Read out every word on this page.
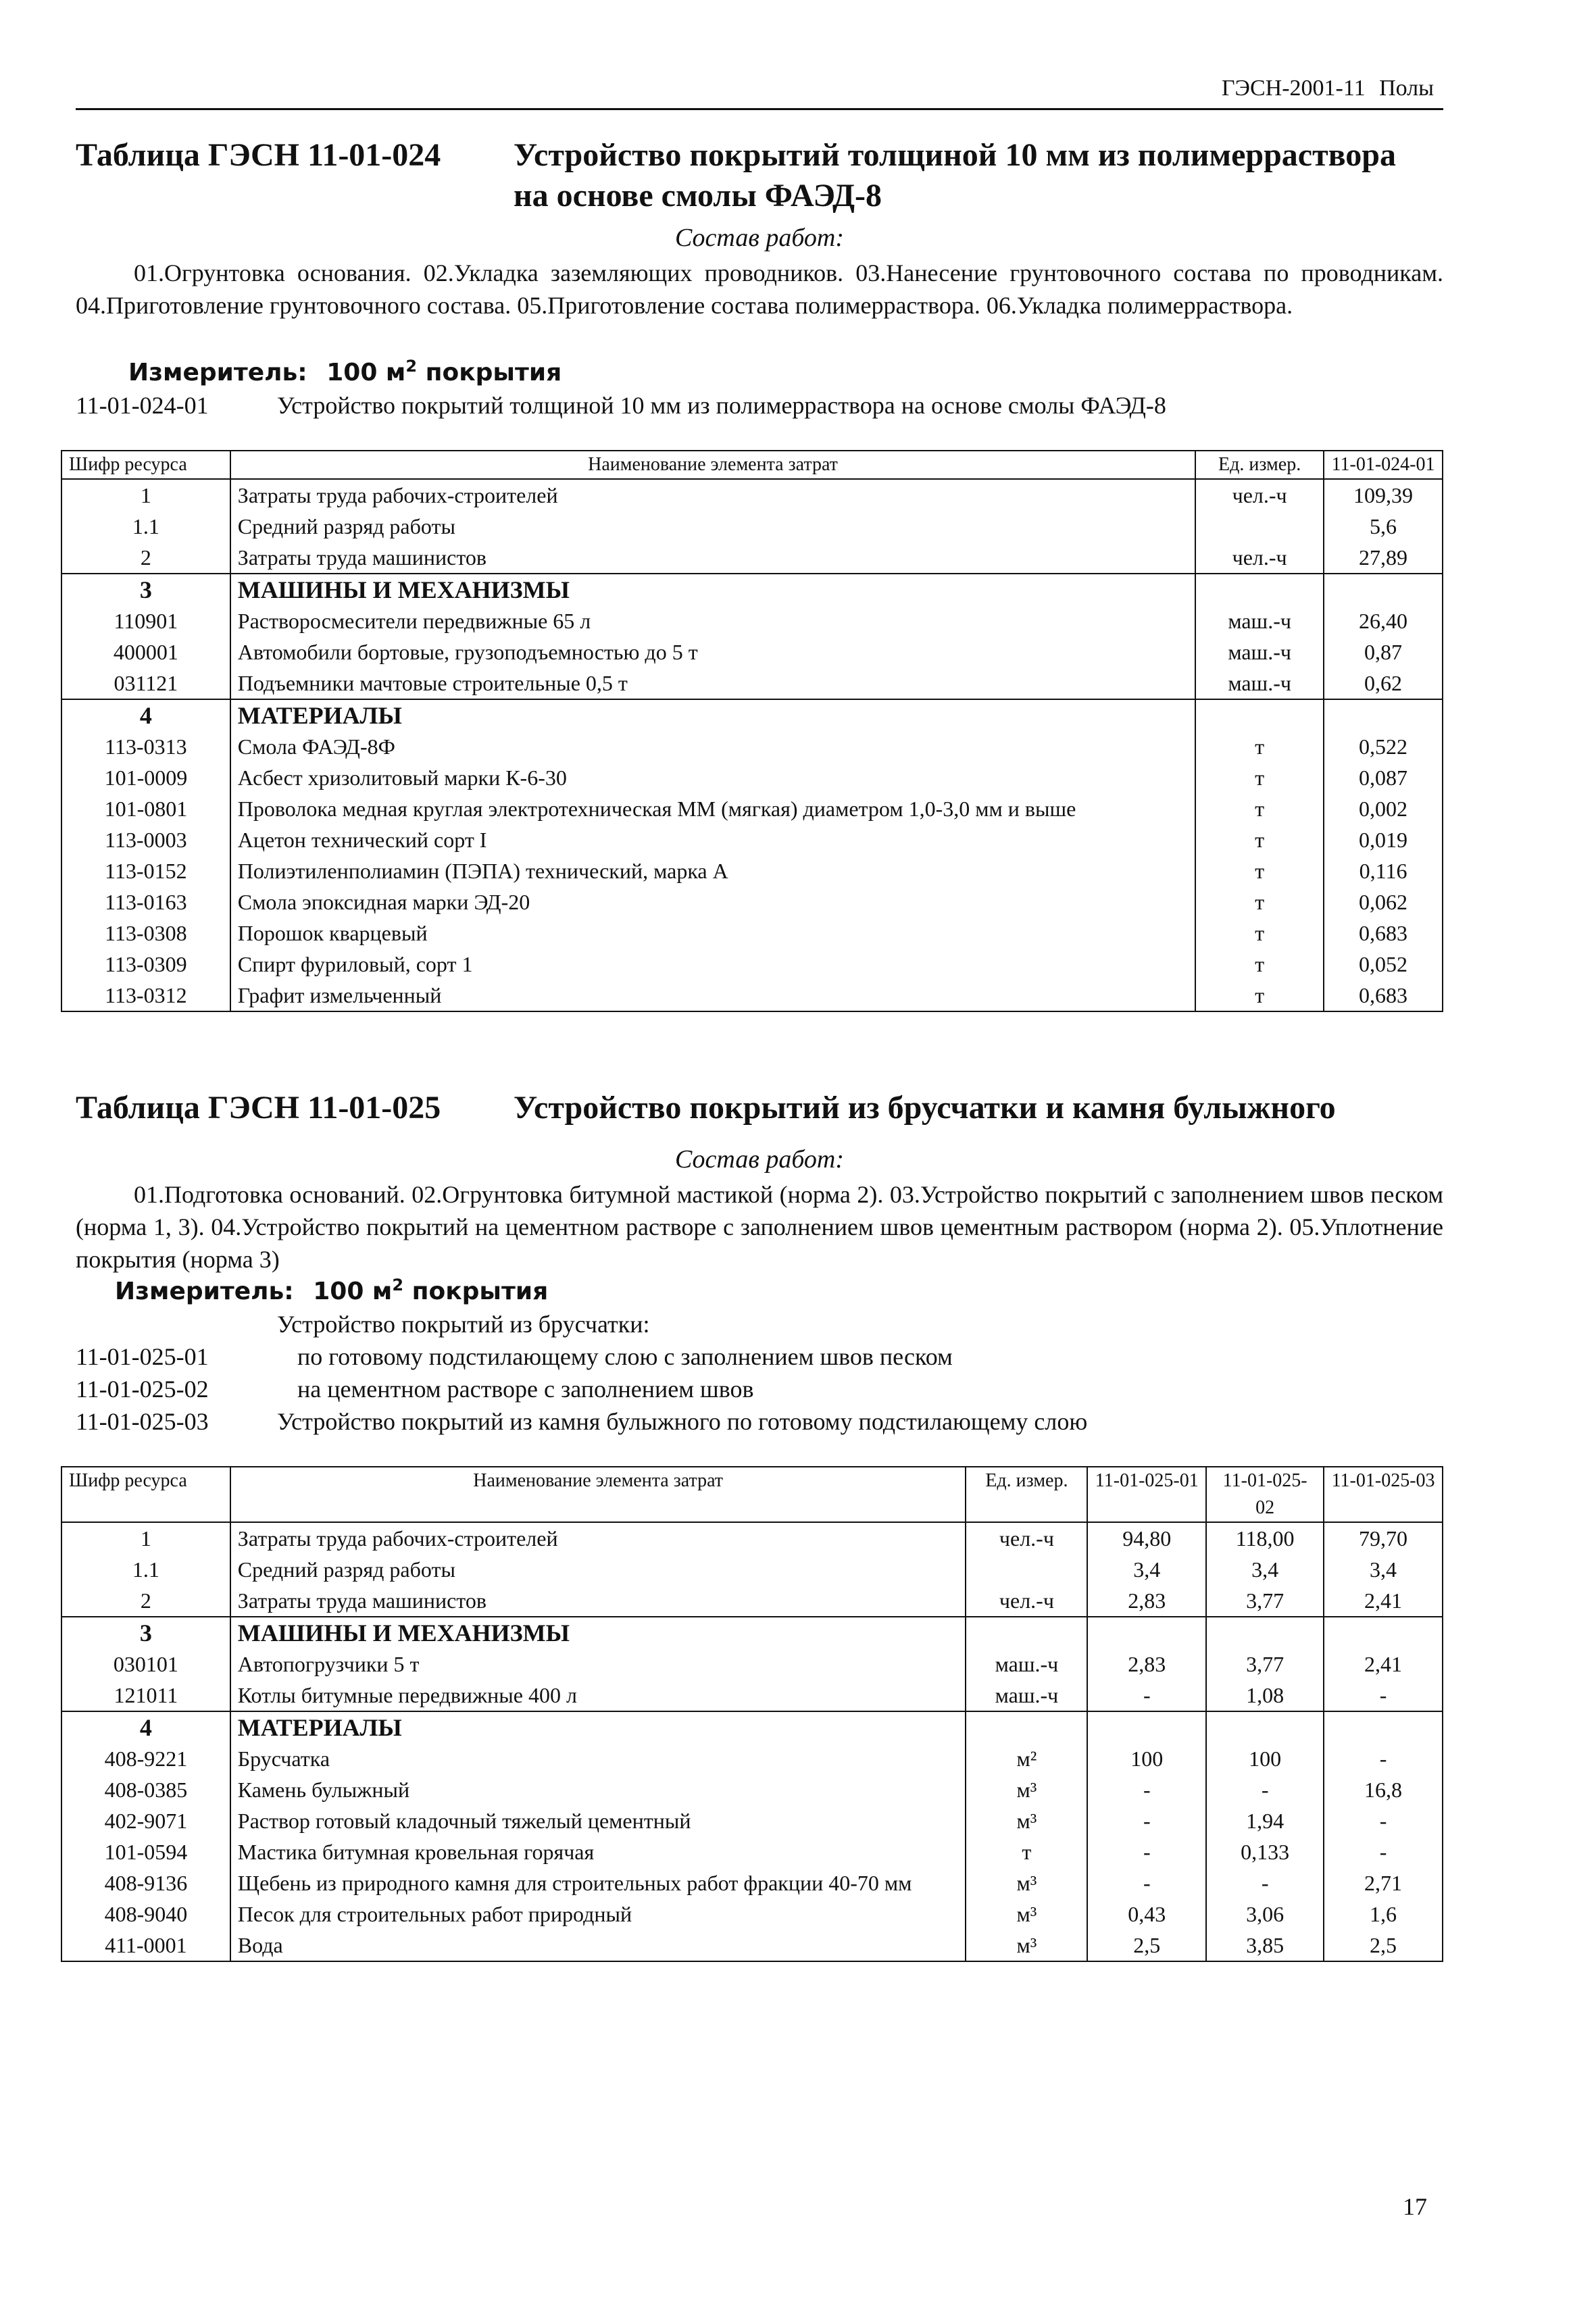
ГЭСН-2001-11 Полы
Таблица ГЭСН 11-01-024 Устройство покрытий толщиной 10 мм из полимерраствора
на основе смолы ФАЭД-8
Состав работ:
01.Огрунтовка основания. 02.Укладка заземляющих проводников. 03.Нанесение грунтовочного состава по проводникам. 04.Приготовление грунтовочного состава. 05.Приготовление состава полимерраствора. 06.Укладка полимерраствора.
Измеритель: 100 $м^2$ покрытия
11-01-024-01	Устройство покрытий толщиной 10 мм из полимерраствора на основе смолы ФАЭД-8
Шифр ресурса	Наименование элемента затрат	Ед. измер.	11-01-024-01
1	Затраты труда рабочих-строителей	чел.-ч	109,39
1.1	Средний разряд работы		5,6
2	Затраты труда машинистов	чел.-ч	27,89
3	МАШИНЫ И МЕХАНИЗМЫ		
110901	Растворосмесители передвижные 65 л	маш.-ч	26,40
400001	Автомобили бортовые, грузоподъемностью до 5 т	маш.-ч	0,87
031121	Подъемники мачтовые строительные 0,5 т	маш.-ч	0,62
4	МАТЕРИАЛЫ		
113-0313	Смола ФАЭД-8Ф	т	0,522
101-0009	Асбест хризолитовый марки К-6-30	т	0,087
101-0801	Проволока медная круглая электротехническая ММ (мягкая) диаметром 1,0-3,0 мм и выше	т	0,002
113-0003	Ацетон технический сорт I	т	0,019
113-0152	Полиэтиленполиамин (ПЭПА) технический, марка А	т	0,116
113-0163	Смола эпоксидная марки ЭД-20	т	0,062
113-0308	Порошок кварцевый	т	0,683
113-0309	Спирт фуриловый, сорт 1	т	0,052
113-0312	Графит измельченный	т	0,683
Таблица ГЭСН 11-01-025 Устройство покрытий из брусчатки и камня булыжного
Состав работ:
01.Подготовка оснований. 02.Огрунтовка битумной мастикой (норма 2). 03.Устройство покрытий с заполнением швов песком (норма 1, 3). 04.Устройство покрытий на цементном растворе с заполнением швов цементным раствором (норма 2). 05.Уплотнение покрытия (норма 3)
Измеритель: 100 $м^2$ покрытия
Устройство покрытий из брусчатки:
11-01-025-01	по готовому подстилающему слою с заполнением швов песком
11-01-025-02	на цементном растворе с заполнением швов
11-01-025-03	Устройство покрытий из камня булыжного по готовому подстилающему слою
Шифр ресурса	Наименование элемента затрат	Ед. измер.	11-01-025-01	11-01-025-02	11-01-025-03
1	Затраты труда рабочих-строителей	чел.-ч	94,80	118,00	79,70
1.1	Средний разряд работы		3,4	3,4	3,4
2	Затраты труда машинистов	чел.-ч	2,83	3,77	2,41
3	МАШИНЫ И МЕХАНИЗМЫ				
030101	Автопогрузчики 5 т	маш.-ч	2,83	3,77	2,41
121011	Котлы битумные передвижные 400 л	маш.-ч	-	1,08	-
4	МАТЕРИАЛЫ				
408-9221	Брусчатка	м²	100	100	-
408-0385	Камень булыжный	м³	-	-	16,8
402-9071	Раствор готовый кладочный тяжелый цементный	м³	-	1,94	-
101-0594	Мастика битумная кровельная горячая	т	-	0,133	-
408-9136	Щебень из природного камня для строительных работ фракции 40-70 мм	м³	-	-	2,71
408-9040	Песок для строительных работ природный	м³	0,43	3,06	1,6
411-0001	Вода	м³	2,5	3,85	2,5
17
